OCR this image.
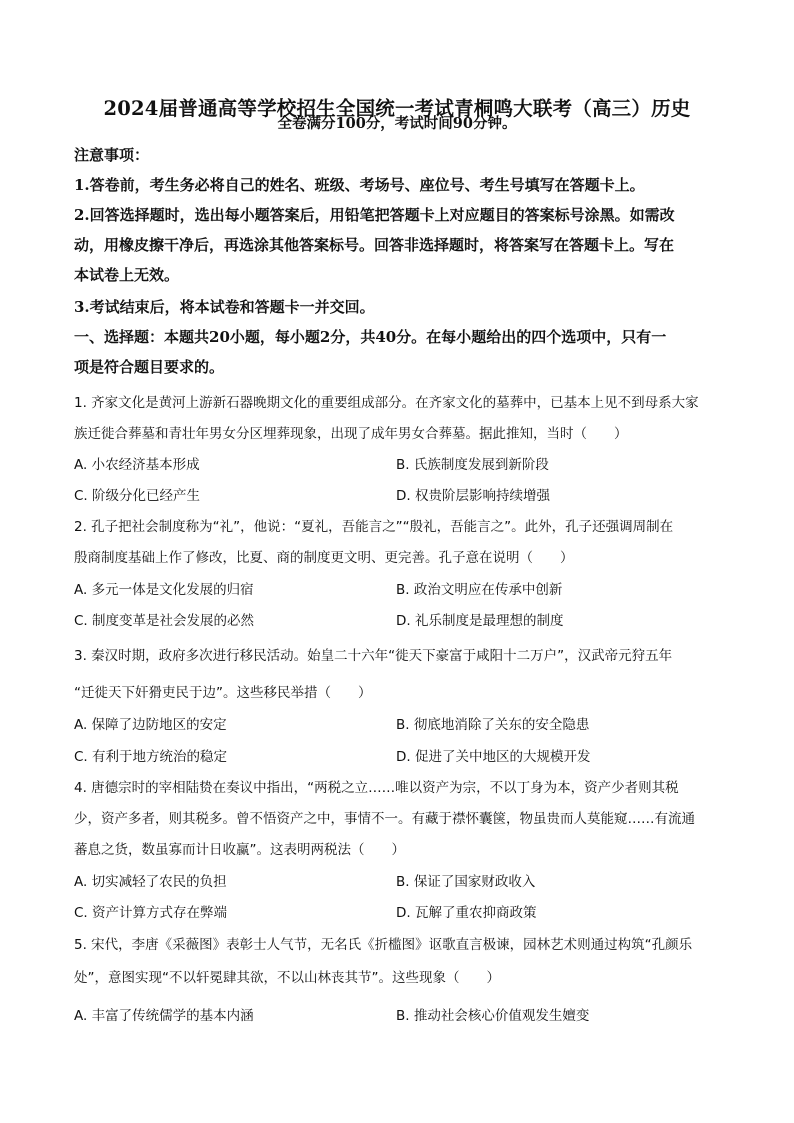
2024届普通高等学校招生全国统一考试青桐鸣大联考（高三）历史
全卷满分100分，考试时间90分钟。
注意事项：
1.答卷前，考生务必将自己的姓名、班级、考场号、座位号、考生号填写在答题卡上。
2.回答选择题时，选出每小题答案后，用铅笔把答题卡上对应题目的答案标号涂黑。如需改
动，用橡皮擦干净后，再选涂其他答案标号。回答非选择题时，将答案写在答题卡上。写在
本试卷上无效。
3.考试结束后，将本试卷和答题卡一并交回。
一、选择题：本题共20小题，每小题2分，共40分。在每小题给出的四个选项中，只有一
项是符合题目要求的。
1. 齐家文化是黄河上游新石器晚期文化的重要组成部分。在齐家文化的墓葬中，已基本上见不到母系大家
族迁徙合葬墓和青壮年男女分区埋葬现象，出现了成年男女合葬墓。据此推知，当时（　　）
A. 小农经济基本形成	B. 氏族制度发展到新阶段
C. 阶级分化已经产生	D. 权贵阶层影响持续增强
2. 孔子把社会制度称为“礼”，他说：“夏礼，吾能言之”“殷礼，吾能言之”。此外，孔子还强调周制在
殷商制度基础上作了修改，比夏、商的制度更文明、更完善。孔子意在说明（　　）
A. 多元一体是文化发展的归宿	B. 政治文明应在传承中创新
C. 制度变革是社会发展的必然	D. 礼乐制度是最理想的制度
3. 秦汉时期，政府多次进行移民活动。始皇二十六年“徙天下豪富于咸阳十二万户”，汉武帝元狩五年
“迁徙天下奸猾吏民于边”。这些移民举措（　　）
A. 保障了边防地区的安定	B. 彻底地消除了关东的安全隐患
C. 有利于地方统治的稳定	D. 促进了关中地区的大规模开发
4. 唐德宗时的宰相陆贽在奏议中指出，“两税之立……唯以资产为宗，不以丁身为本，资产少者则其税
少，资产多者，则其税多。曾不悟资产之中，事情不一。有藏于襟怀囊箧，物虽贵而人莫能窥……有流通
蕃息之货，数虽寡而计日收赢”。这表明两税法（　　）
A. 切实减轻了农民的负担	B. 保证了国家财政收入
C. 资产计算方式存在弊端	D. 瓦解了重农抑商政策
5. 宋代，李唐《采薇图》表彰士人气节，无名氏《折槛图》讴歌直言极谏，园林艺术则通过构筑“孔颜乐
处”，意图实现“不以轩冕肆其欲，不以山林丧其节”。这些现象（　　）
A. 丰富了传统儒学的基本内涵	B. 推动社会核心价值观发生嬗变
